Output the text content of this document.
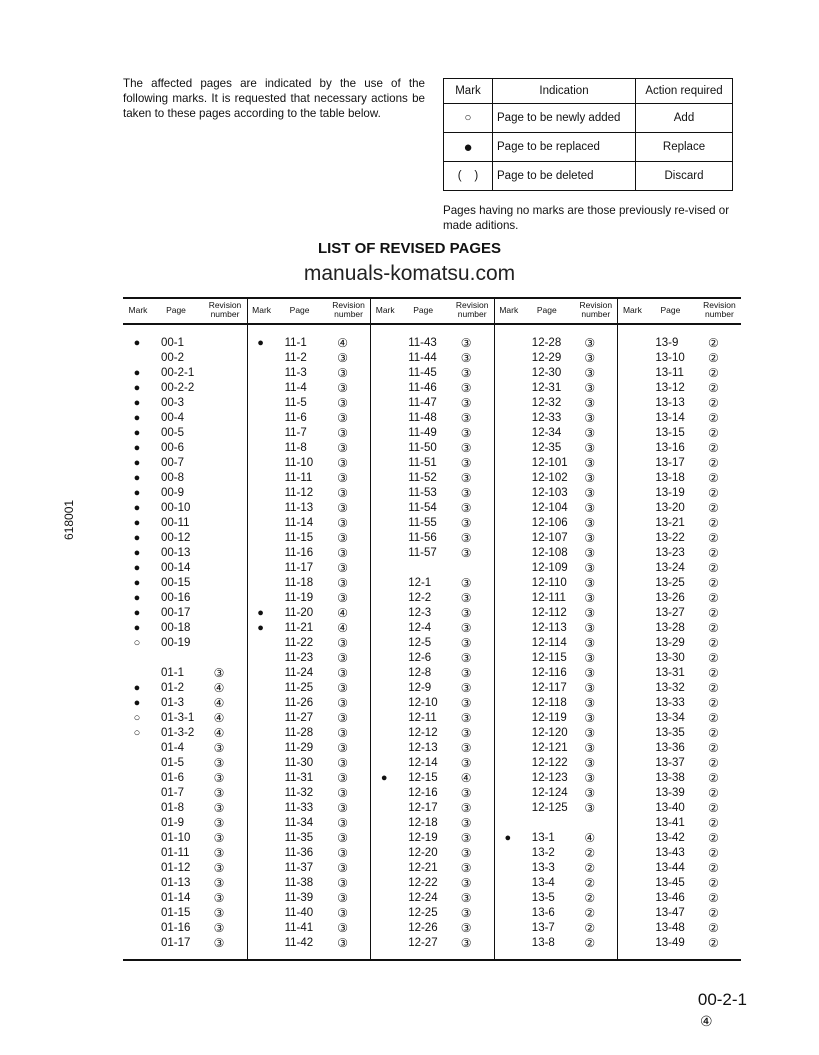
The affected pages are indicated by the use of the following marks. It is requested that necessary actions be taken to these pages according to the table below.
Mark	Indication	Action required
○	Page to be newly added	Add
●	Page to be replaced	Replace
(    )	Page to be deleted	Discard
Pages having no marks are those previously re-vised or made aditions.
LIST OF REVISED PAGES
manuals-komatsu.com
618001
Mark	Page	Revision number
●	00-1
00-2
●	00-2-1
●	00-2-2
●	00-3
●	00-4
●	00-5
●	00-6
●	00-7
●	00-8
●	00-9
●	00-10
●	00-11
●	00-12
●	00-13
●	00-14
●	00-15
●	00-16
●	00-17
●	00-18
○	00-19
01-1 ③
●	01-2 ④
●	01-3 ④
○	01-3-1 ④
○	01-3-2 ④
01-4 ③
01-5 ③
01-6 ③
01-7 ③
01-8 ③
01-9 ③
01-10 ③
01-11 ③
01-12 ③
01-13 ③
01-14 ③
01-15 ③
01-16 ③
01-17 ③
Mark	Page	Revision number
●	11-1	④
11-2	③
11-3	③
11-4	③
11-5	③
11-6	③
11-7	③
11-8	③
11-10 ③
11-11 ③
11-12 ③
11-13 ③
11-14 ③
11-15 ③
11-16 ③
11-17 ③
11-18 ③
11-19 ③
●	11-20 ④
●	11-21 ④
11-22 ③
11-23 ③
11-24 ③
11-25 ③
11-26 ③
11-27 ③
11-28 ③
11-29 ③
11-30 ③
11-31 ③
11-32 ③
11-33 ③
11-34 ③
11-35 ③
11-36 ③
11-37 ③
11-38 ③
11-39 ③
11-40 ③
11-41 ③
11-42 ③
Mark	Page	Revision number
11-43 ③
11-44 ③
11-45 ③
11-46 ③
11-47 ③
11-48 ③
11-49 ③
11-50 ③
11-51 ③
11-52 ③
11-53 ③
11-54 ③
11-55 ③
11-56 ③
11-57 ③
12-1 ③
12-2 ③
12-3 ③
12-4 ③
12-5 ③
12-6 ③
12-8 ③
12-9 ③
12-10 ③
12-11 ③
12-12 ③
12-13 ③
12-14 ③
●	12-15 ④
12-16 ③
12-17 ③
12-18 ③
12-19 ③
12-20 ③
12-21 ③
12-22 ③
12-24 ③
12-25 ③
12-26 ③
12-27 ③
Mark	Page	Revision number
12-28 ③
12-29 ③
12-30 ③
12-31 ③
12-32 ③
12-33 ③
12-34 ③
12-35 ③
12-101 ③
12-102 ③
12-103 ③
12-104 ③
12-106 ③
12-107 ③
12-108 ③
12-109 ③
12-110 ③
12-111 ③
12-112 ③
12-113 ③
12-114 ③
12-115 ③
12-116 ③
12-117 ③
12-118 ③
12-119 ③
12-120 ③
12-121 ③
12-122 ③
12-123 ③
12-124 ③
12-125 ③
●	13-1 ④
13-2 ②
13-3 ②
13-4 ②
13-5 ②
13-6 ②
13-7 ②
13-8 ②
Mark	Page	Revision number
13-9 ②
13-10 ②
13-11 ②
13-12 ②
13-13 ②
13-14 ②
13-15 ②
13-16 ②
13-17 ②
13-18 ②
13-19 ②
13-20 ②
13-21 ②
13-22 ②
13-23 ②
13-24 ②
13-25 ②
13-26 ②
13-27 ②
13-28 ②
13-29 ②
13-30 ②
13-31 ②
13-32 ②
13-33 ②
13-34 ②
13-35 ②
13-36 ②
13-37 ②
13-38 ②
13-39 ②
13-40 ②
13-41 ②
13-42 ②
13-43 ②
13-44 ②
13-45 ②
13-46 ②
13-47 ②
13-48 ②
13-49 ②
00-2-1
④
